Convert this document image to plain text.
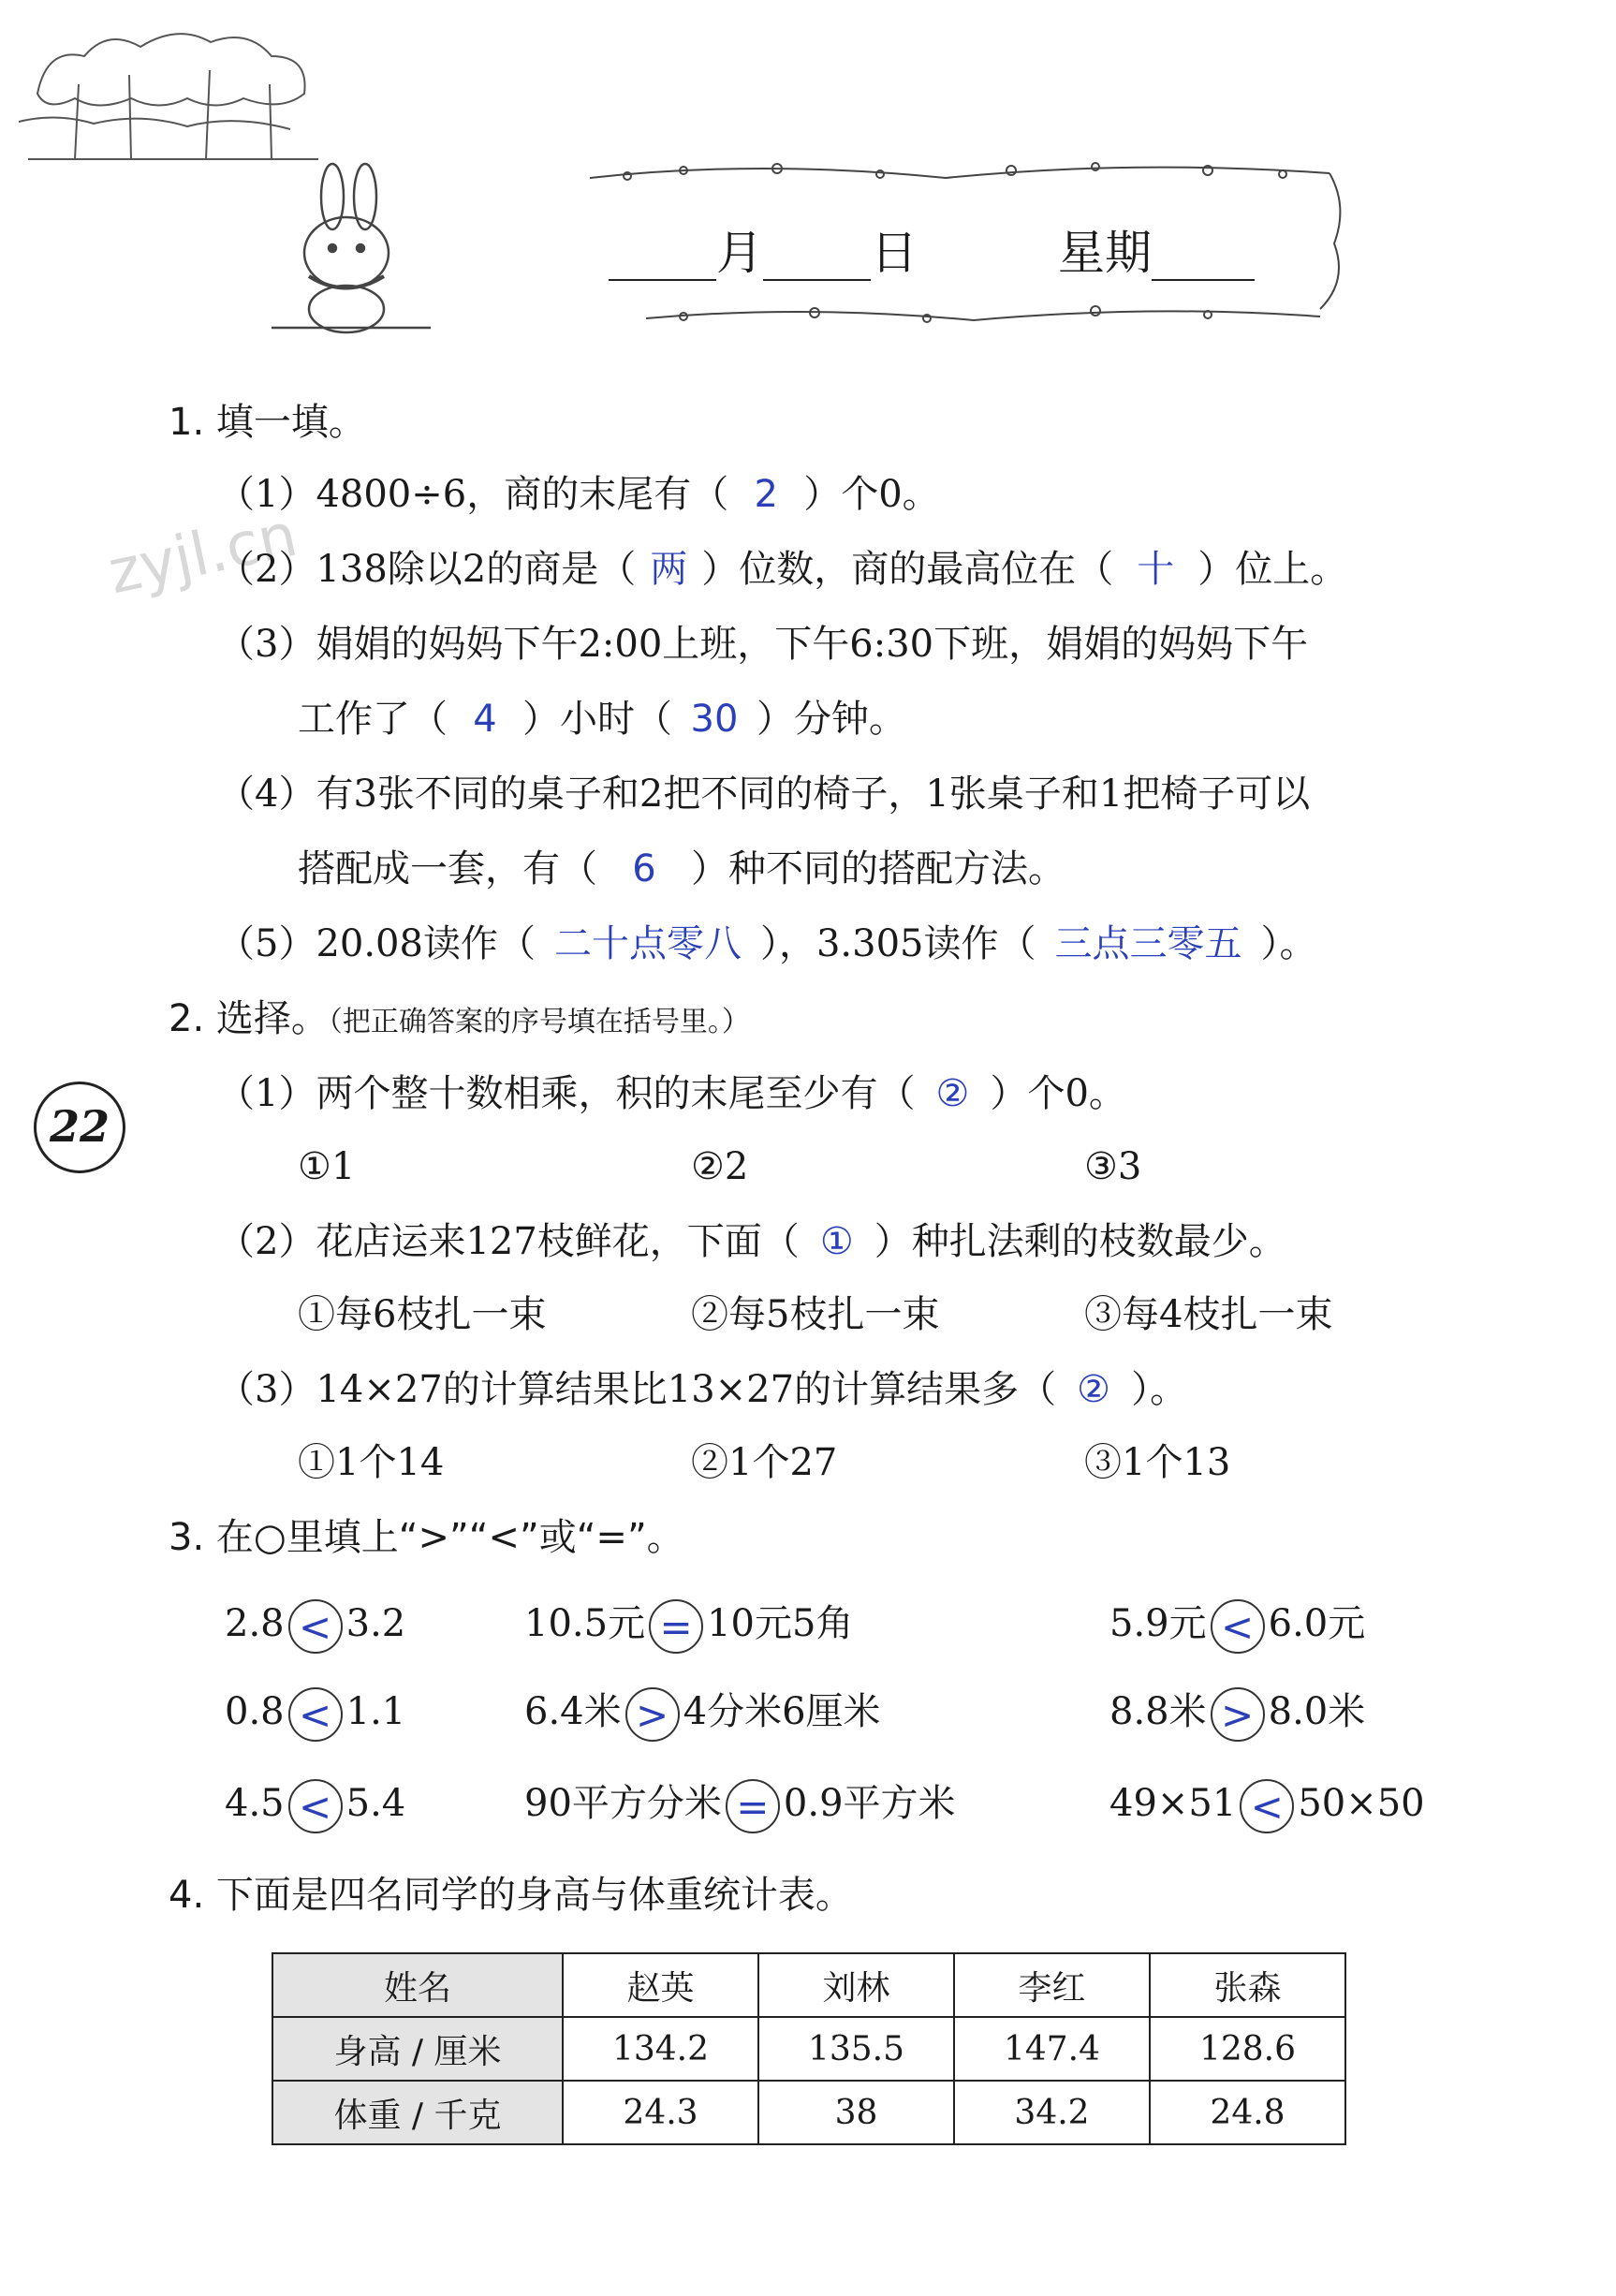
月 日	星期
zyjl.cn
1. 填一填。
（1）4800÷6，商的末尾有（ 2 ）个0。
（2）138除以2的商是（ 两 ）位数，商的最高位在（ 十 ）位上。
（3）娟娟的妈妈下午2:00上班，下午6:30下班，娟娟的妈妈下午
工作了（ 4 ）小时（ 30 ）分钟。
（4）有3张不同的桌子和2把不同的椅子，1张桌子和1把椅子可以
搭配成一套，有（ 6 ）种不同的搭配方法。
（5）20.08读作（ 二十点零八 ），3.305读作（ 三点三零五 ）。
2. 选择。（把正确答案的序号填在括号里。）
22
（1）两个整十数相乘，积的末尾至少有（ ② ）个0。
①1	②2	③3
（2）花店运来127枝鲜花，下面（ ① ）种扎法剩的枝数最少。
①每6枝扎一束	②每5枝扎一束	③每4枝扎一束
（3）14×27的计算结果比13×27的计算结果多（ ② ）。
①1个14	②1个27	③1个13
3. 在○里填上“>”“<”或“=”。
2.8 < 3.2	10.5元 = 10元5角	5.9元 < 6.0元
0.8 < 1.1	6.4米 > 4分米6厘米	8.8米 > 8.0米
4.5 < 5.4	90平方分米 = 0.9平方米	49×51 < 50×50
4. 下面是四名同学的身高与体重统计表。
姓名	赵英	刘林	李红	张森
身高 / 厘米	134.2	135.5	147.4	128.6
体重 / 千克	24.3	38	34.2	24.8
